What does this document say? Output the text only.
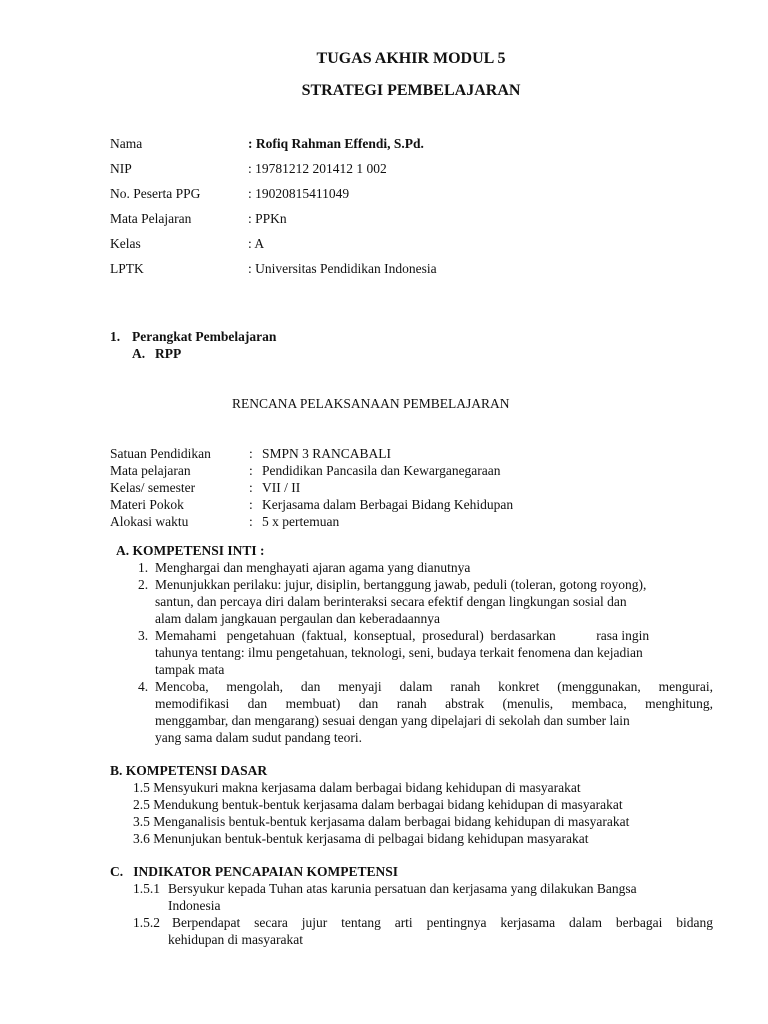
TUGAS AKHIR MODUL 5
STRATEGI PEMBELAJARAN
Nama	: Rofiq Rahman Effendi, S.Pd.
NIP	: 19781212 201412 1 002
No. Peserta PPG	: 19020815411049
Mata Pelajaran	: PPKn
Kelas	: A
LPTK	: Universitas Pendidikan Indonesia
1. Perangkat Pembelajaran
A. RPP
RENCANA PELAKSANAAN PEMBELAJARAN
Satuan Pendidikan	: SMPN 3 RANCABALI
Mata pelajaran	: Pendidikan Pancasila dan Kewarganegaraan
Kelas/ semester	: VII / II
Materi Pokok	: Kerjasama dalam Berbagai Bidang Kehidupan
Alokasi waktu	: 5 x pertemuan
A. KOMPETENSI INTI :
1. Menghargai dan menghayati ajaran agama yang dianutnya
2. Menunjukkan perilaku: jujur, disiplin, bertanggung jawab, peduli (toleran, gotong royong),
santun, dan percaya diri dalam berinteraksi secara efektif dengan lingkungan sosial dan
alam dalam jangkauan pergaulan dan keberadaannya
3. Memahami   pengetahuan  (faktual,  konseptual,  prosedural)  berdasarkan            rasa ingin
tahunya tentang: ilmu pengetahuan, teknologi, seni, budaya terkait fenomena dan kejadian
tampak mata
4. Mencoba, mengolah, dan menyaji dalam ranah konkret (menggunakan, mengurai,
memodifikasi dan membuat) dan ranah abstrak (menulis, membaca, menghitung,
menggambar, dan mengarang) sesuai dengan yang dipelajari di sekolah dan sumber lain
yang sama dalam sudut pandang teori.
B. KOMPETENSI DASAR
1.5 Mensyukuri makna kerjasama dalam berbagai bidang kehidupan di masyarakat
2.5 Mendukung bentuk-bentuk kerjasama dalam berbagai bidang kehidupan di masyarakat
3.5 Menganalisis bentuk-bentuk kerjasama dalam berbagai bidang kehidupan di masyarakat
3.6 Menunjukan bentuk-bentuk kerjasama di pelbagai bidang kehidupan masyarakat
C.   INDIKATOR PENCAPAIAN KOMPETENSI
1.5.1 Bersyukur kepada Tuhan atas karunia persatuan dan kerjasama yang dilakukan Bangsa
Indonesia
1.5.2 Berpendapat secara jujur tentang arti pentingnya kerjasama dalam berbagai bidang
kehidupan di masyarakat
